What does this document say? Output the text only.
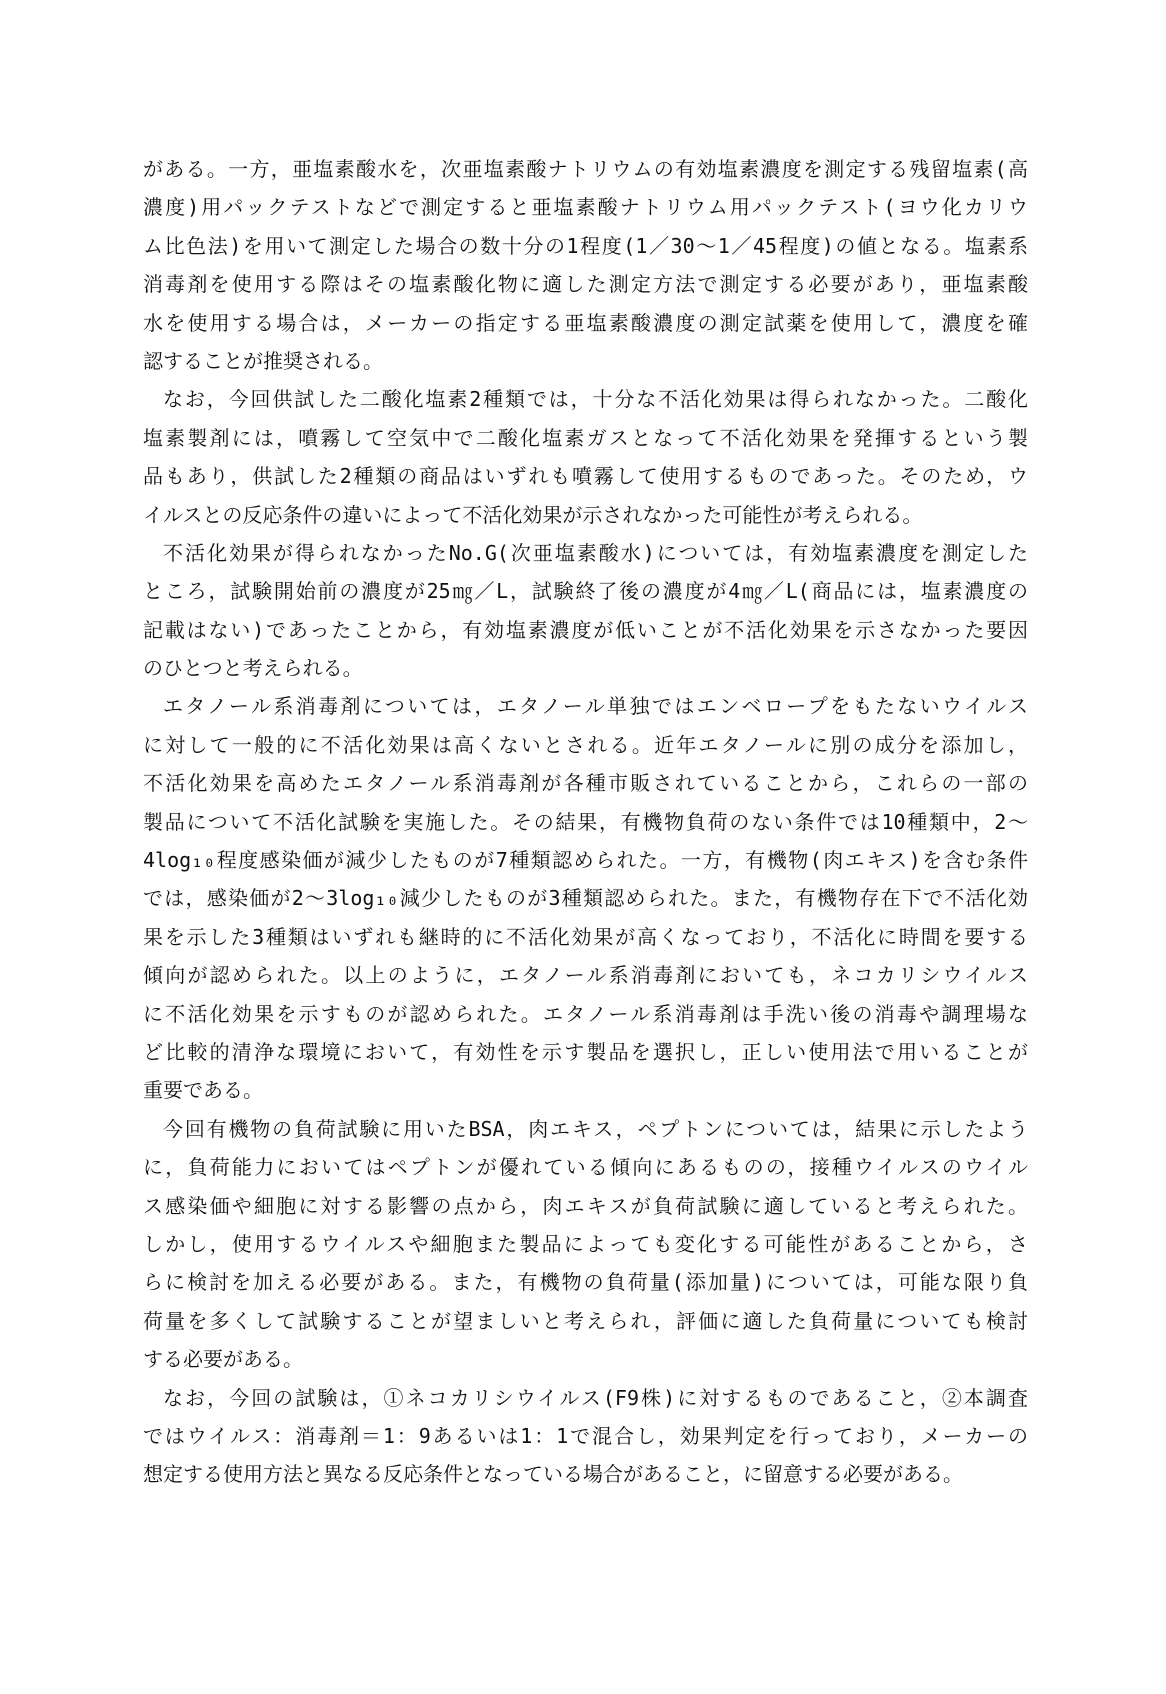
がある。一方，亜塩素酸水を，次亜塩素酸ナトリウムの有効塩素濃度を測定する残留塩素(高
濃度)用パックテストなどで測定すると亜塩素酸ナトリウム用パックテスト(ヨウ化カリウ
ム比色法)を用いて測定した場合の数十分の1程度(1／30～1／45程度)の値となる。塩素系
消毒剤を使用する際はその塩素酸化物に適した測定方法で測定する必要があり，亜塩素酸
水を使用する場合は，メーカーの指定する亜塩素酸濃度の測定試薬を使用して，濃度を確
認することが推奨される。
なお，今回供試した二酸化塩素2種類では，十分な不活化効果は得られなかった。二酸化
塩素製剤には，噴霧して空気中で二酸化塩素ガスとなって不活化効果を発揮するという製
品もあり，供試した2種類の商品はいずれも噴霧して使用するものであった。そのため，ウ
イルスとの反応条件の違いによって不活化効果が示されなかった可能性が考えられる。
不活化効果が得られなかったNo.G(次亜塩素酸水)については，有効塩素濃度を測定した
ところ，試験開始前の濃度が25㎎／L，試験終了後の濃度が4㎎／L(商品には，塩素濃度の
記載はない)であったことから，有効塩素濃度が低いことが不活化効果を示さなかった要因
のひとつと考えられる。
エタノール系消毒剤については，エタノール単独ではエンベロープをもたないウイルス
に対して一般的に不活化効果は高くないとされる。近年エタノールに別の成分を添加し，
不活化効果を高めたエタノール系消毒剤が各種市販されていることから，これらの一部の
製品について不活化試験を実施した。その結果，有機物負荷のない条件では10種類中，2～
4log₁₀程度感染価が減少したものが7種類認められた。一方，有機物(肉エキス)を含む条件
では，感染価が2～3log₁₀減少したものが3種類認められた。また，有機物存在下で不活化効
果を示した3種類はいずれも継時的に不活化効果が高くなっており，不活化に時間を要する
傾向が認められた。以上のように，エタノール系消毒剤においても，ネコカリシウイルス
に不活化効果を示すものが認められた。エタノール系消毒剤は手洗い後の消毒や調理場な
ど比較的清浄な環境において，有効性を示す製品を選択し，正しい使用法で用いることが
重要である。
今回有機物の負荷試験に用いたBSA，肉エキス，ペプトンについては，結果に示したよう
に，負荷能力においてはペプトンが優れている傾向にあるものの，接種ウイルスのウイル
ス感染価や細胞に対する影響の点から，肉エキスが負荷試験に適していると考えられた。
しかし，使用するウイルスや細胞また製品によっても変化する可能性があることから，さ
らに検討を加える必要がある。また，有機物の負荷量(添加量)については，可能な限り負
荷量を多くして試験することが望ましいと考えられ，評価に適した負荷量についても検討
する必要がある。
なお，今回の試験は，①ネコカリシウイルス(F9株)に対するものであること，②本調査
ではウイルス：消毒剤＝1：9あるいは1：1で混合し，効果判定を行っており，メーカーの
想定する使用方法と異なる反応条件となっている場合があること，に留意する必要がある。
